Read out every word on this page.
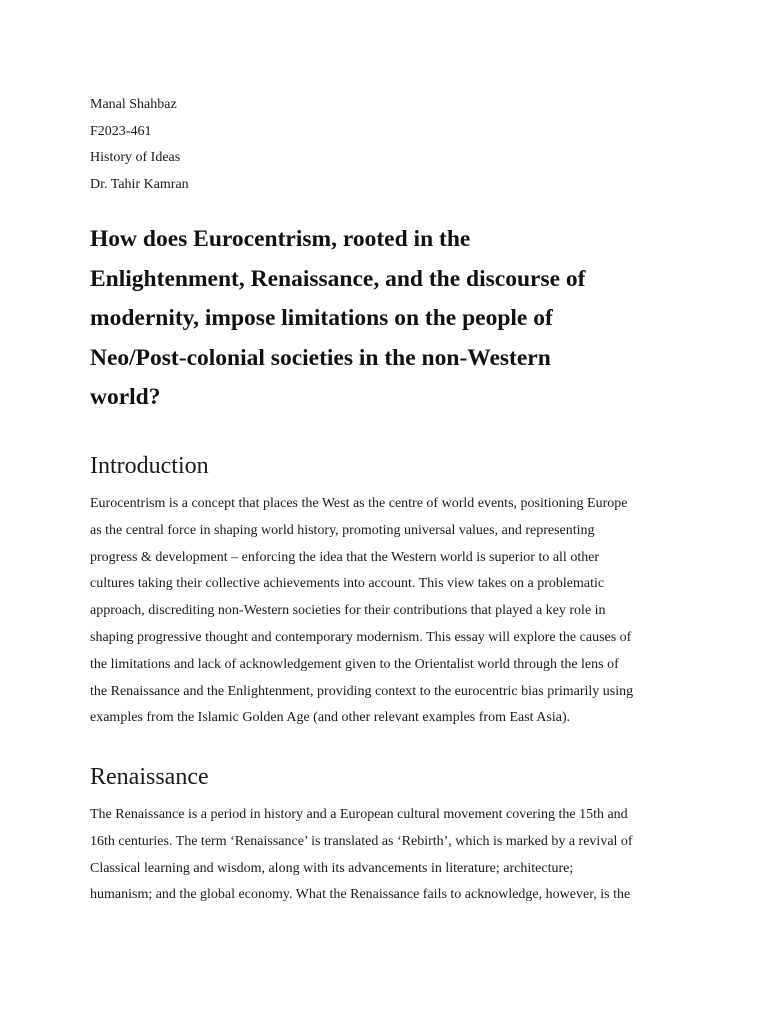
Manal Shahbaz
F2023-461
History of Ideas
Dr. Tahir Kamran
How does Eurocentrism, rooted in the
Enlightenment, Renaissance, and the discourse of
modernity, impose limitations on the people of
Neo/Post-colonial societies in the non-Western
world?
Introduction

Eurocentrism is a concept that places the West as the centre of world events, positioning Europe
as the central force in shaping world history, promoting universal values, and representing
progress & development – enforcing the idea that the Western world is superior to all other
cultures taking their collective achievements into account. This view takes on a problematic
approach, discrediting non-Western societies for their contributions that played a key role in
shaping progressive thought and contemporary modernism. This essay will explore the causes of
the limitations and lack of acknowledgement given to the Orientalist world through the lens of
the Renaissance and the Enlightenment, providing context to the eurocentric bias primarily using
examples from the Islamic Golden Age (and other relevant examples from East Asia).

Renaissance

The Renaissance is a period in history and a European cultural movement covering the 15th and
16th centuries. The term ‘Renaissance’ is translated as ‘Rebirth’, which is marked by a revival of
Classical learning and wisdom, along with its advancements in literature; architecture;
humanism; and the global economy. What the Renaissance fails to acknowledge, however, is the
